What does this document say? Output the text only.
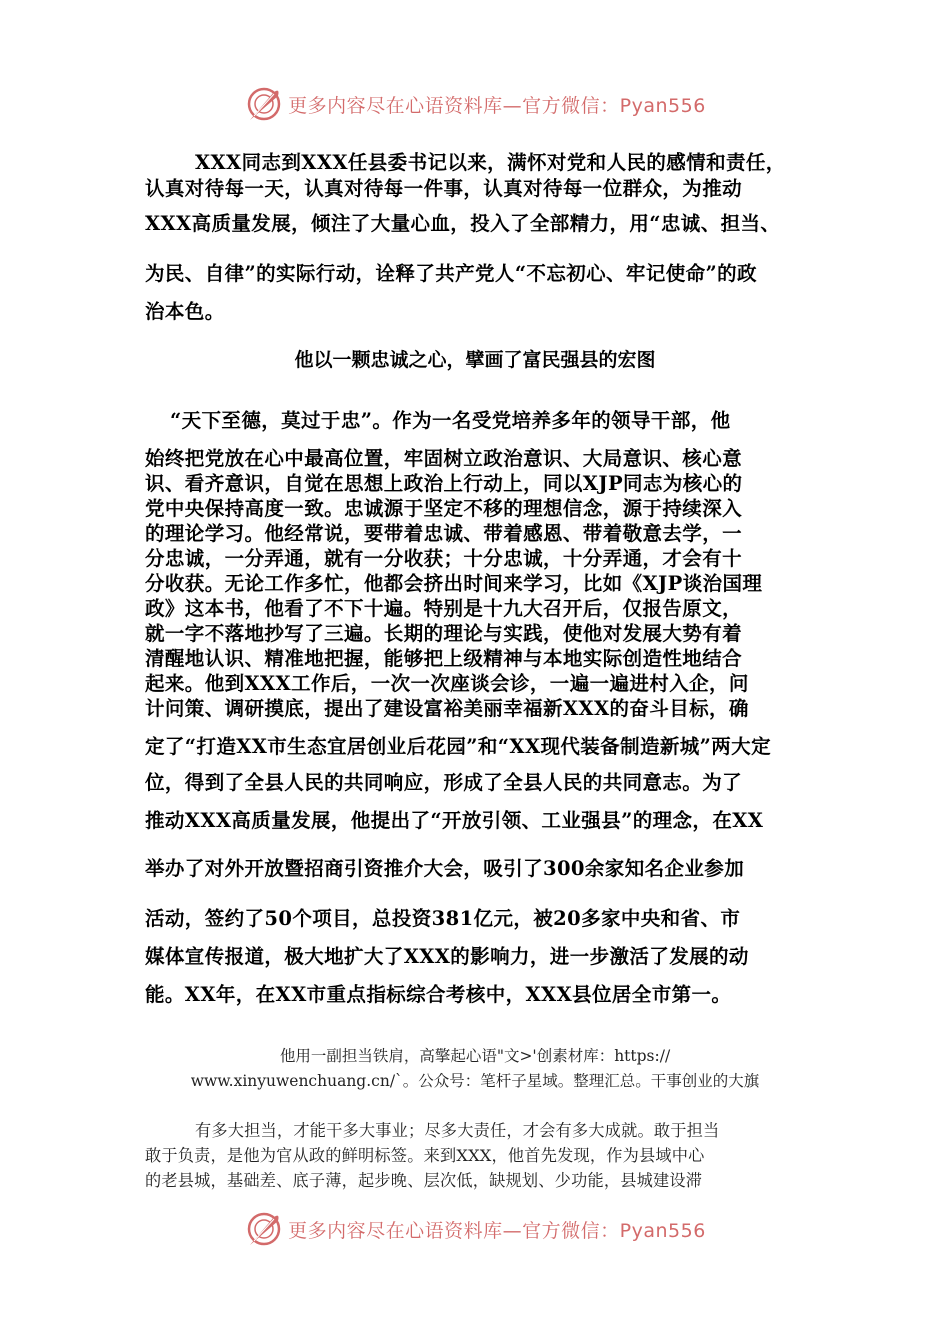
更多内容尽在心语资料库—官方微信：Pyan556
XXX同志到XXX任县委书记以来，满怀对党和人民的感情和责任，
认真对待每一天，认真对待每一件事，认真对待每一位群众，为推动
XXX高质量发展，倾注了大量心血，投入了全部精力，用“忠诚、担当、
为民、自律”的实际行动，诠释了共产党人“不忘初心、牢记使命”的政
治本色。
他以一颗忠诚之心，擘画了富民强县的宏图
“天下至德，莫过于忠”。作为一名受党培养多年的领导干部，他
始终把党放在心中最高位置，牢固树立政治意识、大局意识、核心意
识、看齐意识，自觉在思想上政治上行动上，同以XJP同志为核心的
党中央保持高度一致。忠诚源于坚定不移的理想信念，源于持续深入
的理论学习。他经常说，要带着忠诚、带着感恩、带着敬意去学，一
分忠诚，一分弄通，就有一分收获；十分忠诚，十分弄通，才会有十
分收获。无论工作多忙，他都会挤出时间来学习，比如《XJP谈治国理
政》这本书，他看了不下十遍。特别是十九大召开后，仅报告原文，
就一字不落地抄写了三遍。长期的理论与实践，使他对发展大势有着
清醒地认识、精准地把握，能够把上级精神与本地实际创造性地结合
起来。他到XXX工作后，一次一次座谈会诊，一遍一遍进村入企，问
计问策、调研摸底，提出了建设富裕美丽幸福新XXX的奋斗目标，确
定了“打造XX市生态宜居创业后花园”和“XX现代装备制造新城”两大定
位，得到了全县人民的共同响应，形成了全县人民的共同意志。为了
推动XXX高质量发展，他提出了“开放引领、工业强县”的理念，在XX
举办了对外开放暨招商引资推介大会，吸引了300余家知名企业参加
活动，签约了50个项目，总投资381亿元，被20多家中央和省、市
媒体宣传报道，极大地扩大了XXX的影响力，进一步激活了发展的动
能。XX年，在XX市重点指标综合考核中，XXX县位居全市第一。
他用一副担当铁肩，高擎起心语"文>'创素材库：https://
www.xinyuwenchuang.cn/`。公众号：笔杆子星域。整理汇总。干事创业的大旗
有多大担当，才能干多大事业；尽多大责任，才会有多大成就。敢于担当
敢于负责，是他为官从政的鲜明标签。来到XXX，他首先发现，作为县域中心
的老县城，基础差、底子薄，起步晚、层次低，缺规划、少功能，县城建设滞
更多内容尽在心语资料库—官方微信：Pyan556
